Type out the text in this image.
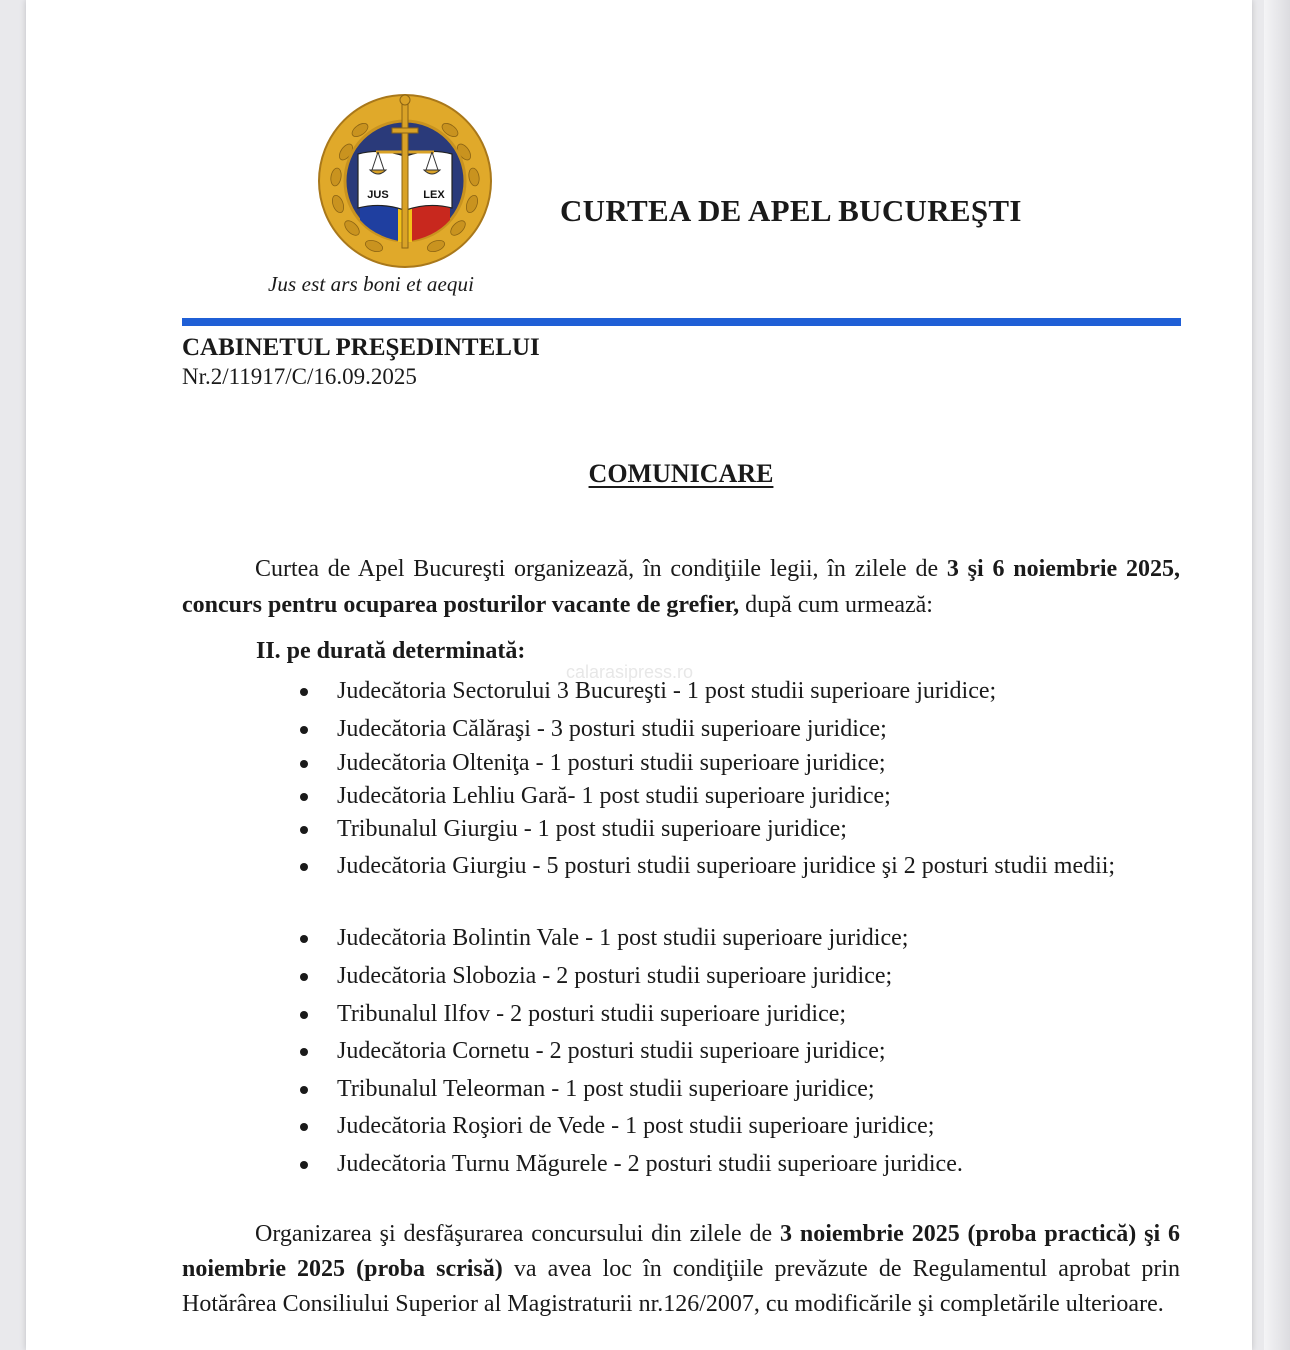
JUS	LEX
Jus est ars boni et aequi
CURTEA DE APEL BUCUREŞTI
CABINETUL PREŞEDINTELUI
Nr.2/11917/C/16.09.2025
COMUNICARE

Curtea de Apel Bucureşti organizează, în condiţiile legii, în zilele de 3 şi 6 noiembrie 2025, concurs pentru ocuparea posturilor vacante de grefier, după cum urmează:

II. pe durată determinată:
calarasipress.ro
Judecătoria Sectorului 3 Bucureşti - 1 post studii superioare juridice;
Judecătoria Călăraşi - 3 posturi studii superioare juridice;
Judecătoria Olteniţa - 1 posturi studii superioare juridice;
Judecătoria Lehliu Gară- 1 post studii superioare juridice;
Tribunalul Giurgiu - 1 post studii superioare juridice;
Judecătoria Giurgiu - 5 posturi studii superioare juridice şi 2 posturi studii medii;
Judecătoria Bolintin Vale - 1 post studii superioare juridice;
Judecătoria Slobozia - 2 posturi studii superioare juridice;
Tribunalul Ilfov - 2 posturi studii superioare juridice;
Judecătoria Cornetu - 2 posturi studii superioare juridice;
Tribunalul Teleorman - 1 post studii superioare juridice;
Judecătoria Roşiori de Vede - 1 post studii superioare juridice;
Judecătoria Turnu Măgurele - 2 posturi studii superioare juridice.

Organizarea şi desfăşurarea concursului din zilele de 3 noiembrie 2025 (proba practică) şi 6 noiembrie 2025 (proba scrisă) va avea loc în condiţiile prevăzute de Regulamentul aprobat prin Hotărârea Consiliului Superior al Magistraturii nr.126/2007, cu modificările şi completările ulterioare.
